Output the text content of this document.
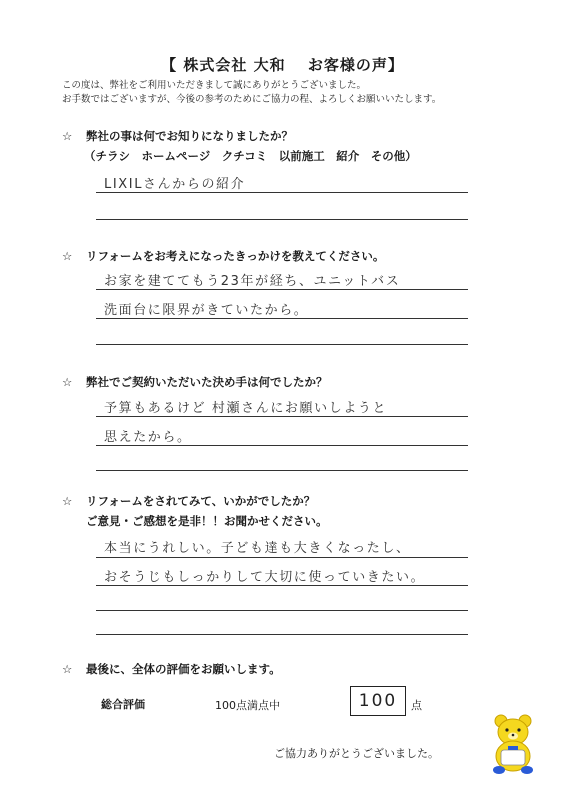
【 株式会社 大和　 お客様の声】
この度は、弊社をご利用いただきまして誠にありがとうございました。
お手数ではございますが、今後の参考のためにご協力の程、よろしくお願いいたします。
☆ 弊社の事は何でお知りになりましたか？
（チラシ　ホームページ　クチコミ　以前施工　紹介　その他）
LIXILさんからの紹介
☆ リフォームをお考えになったきっかけを教えてください。
お家を建ててもう23年が経ち、ユニットバス
洗面台に限界がきていたから。
☆ 弊社でご契約いただいた決め手は何でしたか？
予算もあるけど 村瀬さんにお願いしようと
思えたから。
☆ リフォームをされてみて、いかがでしたか？
ご意見・ご感想を是非！！お聞かせください。
本当にうれしい。子ども達も大きくなったし、
おそうじもしっかりして大切に使っていきたい。
☆ 最後に、全体の評価をお願いします。
総合評価	100点満点中	100	点
ご協力ありがとうございました。
